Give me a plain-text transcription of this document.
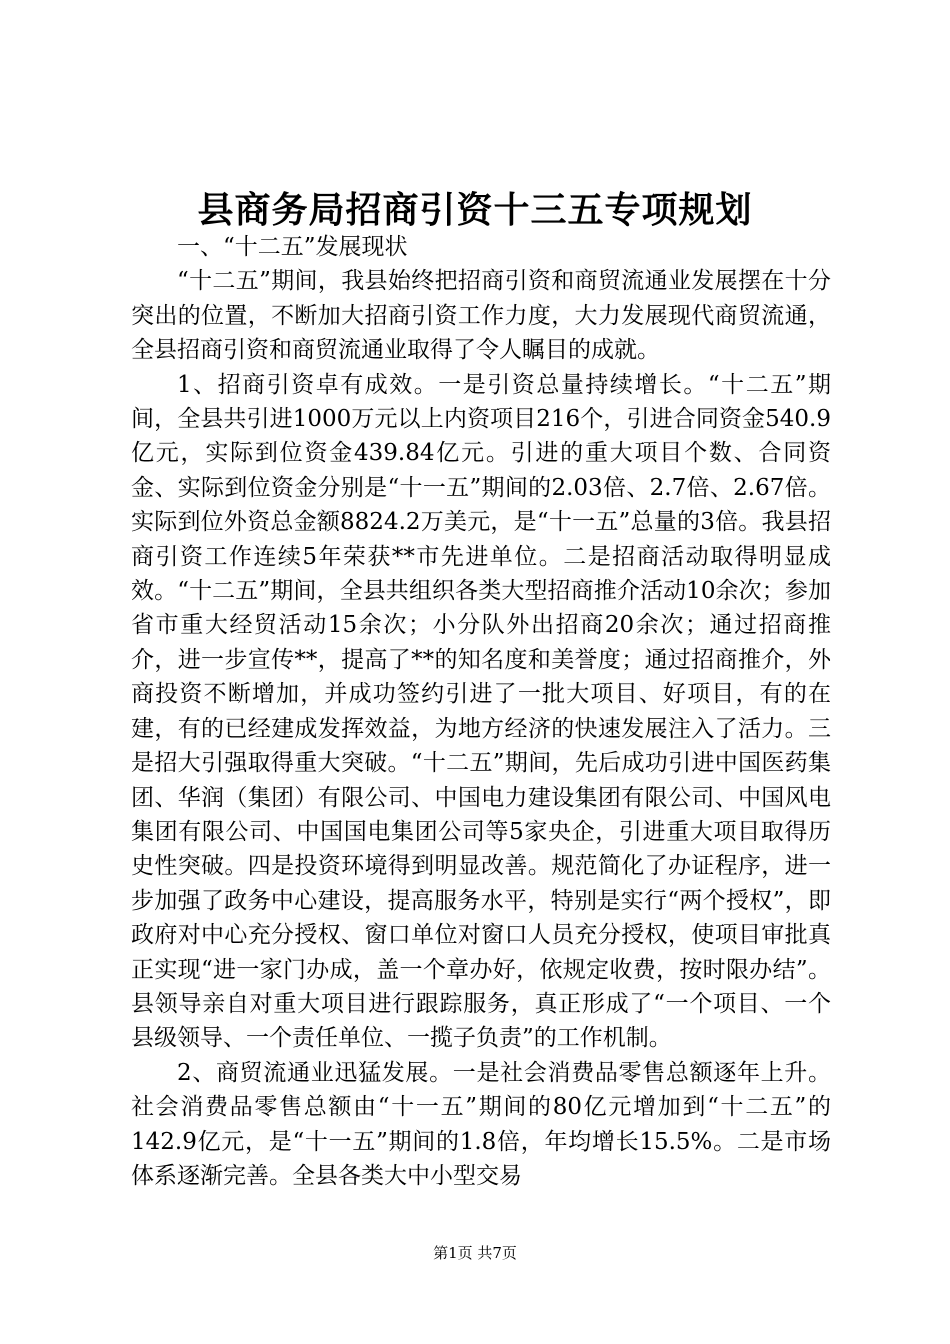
县商务局招商引资十三五专项规划

一、“十二五”发展现状

“十二五”期间，我县始终把招商引资和商贸流通业发展摆在十分突出的位置，不断加大招商引资工作力度，大力发展现代商贸流通，全县招商引资和商贸流通业取得了令人瞩目的成就。

1、招商引资卓有成效。一是引资总量持续增长。“十二五”期间，全县共引进1000万元以上内资项目216个，引进合同资金540.9亿元，实际到位资金439.84亿元。引进的重大项目个数、合同资金、实际到位资金分别是“十一五”期间的2.03倍、2.7倍、2.67倍。实际到位外资总金额8824.2万美元，是“十一五”总量的3倍。我县招商引资工作连续5年荣获**市先进单位。二是招商活动取得明显成效。“十二五”期间，全县共组织各类大型招商推介活动10余次；参加省市重大经贸活动15余次；小分队外出招商20余次；通过招商推介，进一步宣传**，提高了**的知名度和美誉度；通过招商推介，外商投资不断增加，并成功签约引进了一批大项目、好项目，有的在建，有的已经建成发挥效益，为地方经济的快速发展注入了活力。三是招大引强取得重大突破。“十二五”期间，先后成功引进中国医药集团、华润（集团）有限公司、中国电力建设集团有限公司、中国风电集团有限公司、中国国电集团公司等5家央企，引进重大项目取得历史性突破。四是投资环境得到明显改善。规范简化了办证程序，进一步加强了政务中心建设，提高服务水平，特别是实行“两个授权”，即政府对中心充分授权、窗口单位对窗口人员充分授权，使项目审批真正实现“进一家门办成，盖一个章办好，依规定收费，按时限办结”。县领导亲自对重大项目进行跟踪服务，真正形成了“一个项目、一个县级领导、一个责任单位、一揽子负责”的工作机制。

2、商贸流通业迅猛发展。一是社会消费品零售总额逐年上升。社会消费品零售总额由“十一五”期间的80亿元增加到“十二五”的142.9亿元，是“十一五”期间的1.8倍，年均增长15.5%。二是市场体系逐渐完善。全县各类大中小型交易

第1页 共7页
